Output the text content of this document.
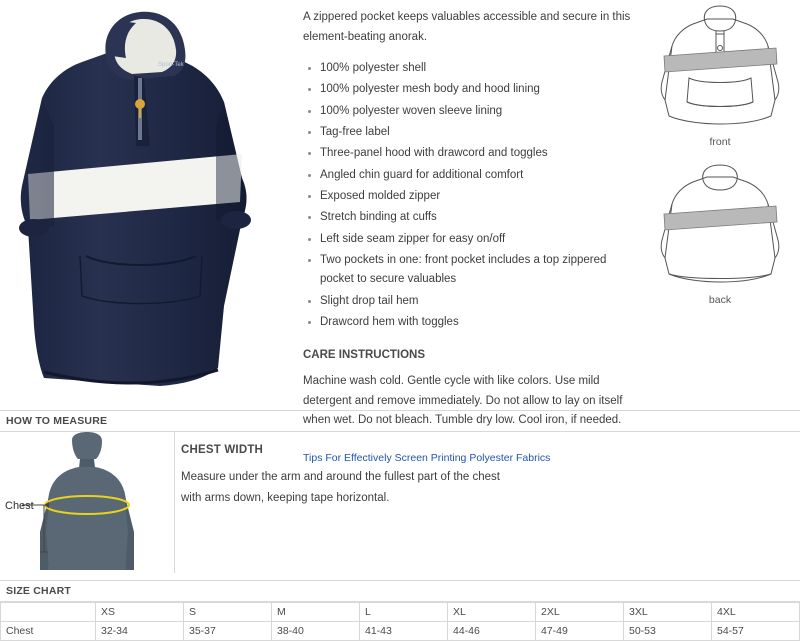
Sport-Tek

A zippered pocket keeps valuables accessible and secure in this element-beating anorak.

100% polyester shell
100% polyester mesh body and hood lining
100% polyester woven sleeve lining
Tag-free label
Three-panel hood with drawcord and toggles
Angled chin guard for additional comfort
Exposed molded zipper
Stretch binding at cuffs
Left side seam zipper for easy on/off
Two pockets in one: front pocket includes a top zippered pocket to secure valuables
Slight drop tail hem
Drawcord hem with toggles
CARE INSTRUCTIONS

Machine wash cold. Gentle cycle with like colors. Use mild detergent and remove immediately. Do not allow to lay on itself when wet. Do not bleach. Tumble dry low. Cool iron, if needed.

Tips For Effectively Screen Printing Polyester Fabrics
front
back
HOW TO MEASURE
Chest
CHEST WIDTH
Measure under the arm and around the fullest part of the chest
with arms down, keeping tape horizontal.
SIZE CHART
	XS	S	M	L	XL	2XL	3XL	4XL
Chest	32-34	35-37	38-40	41-43	44-46	47-49	50-53	54-57
